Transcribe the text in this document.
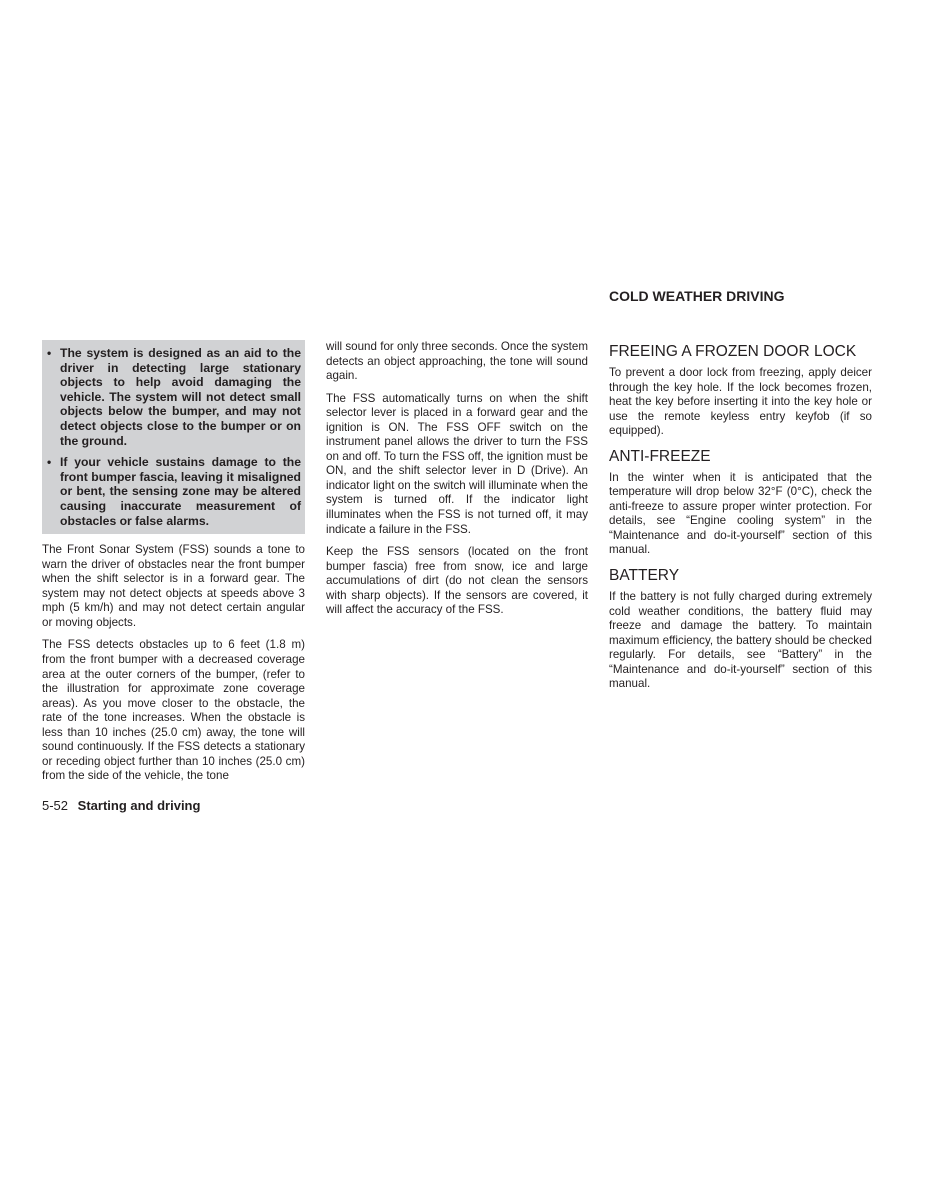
• The system is designed as an aid to the driver in detecting large stationary objects to help avoid damaging the vehicle. The system will not detect small objects below the bumper, and may not detect objects close to the bumper or on the ground.
• If your vehicle sustains damage to the front bumper fascia, leaving it misaligned or bent, the sensing zone may be altered causing inaccurate measurement of obstacles or false alarms.

The Front Sonar System (FSS) sounds a tone to warn the driver of obstacles near the front bumper when the shift selector is in a forward gear. The system may not detect objects at speeds above 3 mph (5 km/h) and may not detect certain angular or moving objects.

The FSS detects obstacles up to 6 feet (1.8 m) from the front bumper with a decreased coverage area at the outer corners of the bumper, (refer to the illustration for approximate zone coverage areas). As you move closer to the obstacle, the rate of the tone increases. When the obstacle is less than 10 inches (25.0 cm) away, the tone will sound continuously. If the FSS detects a stationary or receding object further than 10 inches (25.0 cm) from the side of the vehicle, the tone

will sound for only three seconds. Once the system detects an object approaching, the tone will sound again.

The FSS automatically turns on when the shift selector lever is placed in a forward gear and the ignition is ON. The FSS OFF switch on the instrument panel allows the driver to turn the FSS on and off. To turn the FSS off, the ignition must be ON, and the shift selector lever in D (Drive). An indicator light on the switch will illuminate when the system is turned off. If the indicator light illuminates when the FSS is not turned off, it may indicate a failure in the FSS.

Keep the FSS sensors (located on the front bumper fascia) free from snow, ice and large accumulations of dirt (do not clean the sensors with sharp objects). If the sensors are covered, it will affect the accuracy of the FSS.

COLD WEATHER DRIVING
FREEING A FROZEN DOOR LOCK

To prevent a door lock from freezing, apply deicer through the key hole. If the lock becomes frozen, heat the key before inserting it into the key hole or use the remote keyless entry keyfob (if so equipped).

ANTI-FREEZE

In the winter when it is anticipated that the temperature will drop below 32°F (0°C), check the anti-freeze to assure proper winter protection. For details, see “Engine cooling system” in the “Maintenance and do-it-yourself” section of this manual.

BATTERY

If the battery is not fully charged during extremely cold weather conditions, the battery fluid may freeze and damage the battery. To maintain maximum efficiency, the battery should be checked regularly. For details, see “Battery” in the “Maintenance and do-it-yourself” section of this manual.

5-52 Starting and driving
